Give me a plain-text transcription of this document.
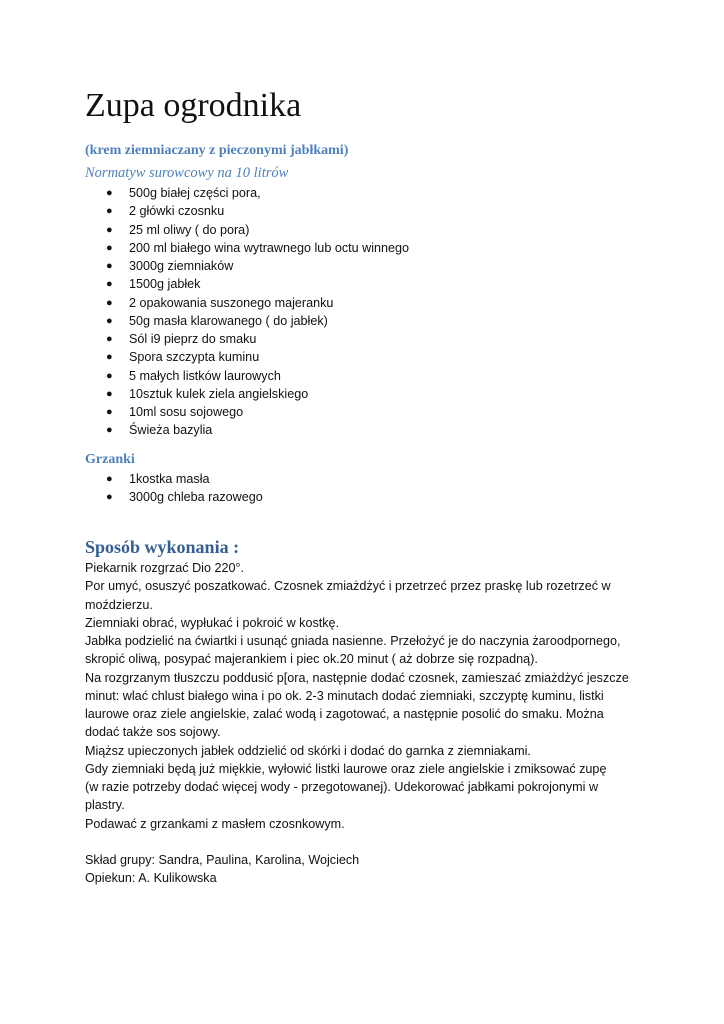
Zupa ogrodnika

(krem ziemniaczany z pieczonymi jabłkami)

Normatyw surowcowy na 10 litrów

● 500g białej części pora,
● 2 główki czosnku
● 25 ml oliwy ( do pora)
● 200 ml białego wina wytrawnego lub octu winnego
● 3000g ziemniaków
● 1500g jabłek
● 2 opakowania suszonego majeranku
● 50g masła klarowanego ( do jabłek)
● Sól i9 pieprz do smaku
● Spora szczypta kuminu
● 5 małych listków laurowych
● 10sztuk kulek ziela angielskiego
● 10ml sosu sojowego
● Świeża bazylia

Grzanki

● 1kostka masła
● 3000g chleba razowego
Sposób wykonania :
Piekarnik rozgrzać Dio 220°.
Por umyć, osuszyć poszatkować. Czosnek zmiażdżyć i przetrzeć przez praskę lub rozetrzeć w
moździerzu.
Ziemniaki obrać, wypłukać i pokroić w kostkę.
Jabłka podzielić na ćwiartki i usunąć gniada nasienne. Przełożyć je do naczynia żaroodpornego,
skropić oliwą, posypać majerankiem i piec ok.20 minut ( aż dobrze się rozpadną).
Na rozgrzanym tłuszczu poddusić p[ora, następnie dodać czosnek, zamieszać zmiażdżyć jeszcze
minut: wlać chlust białego wina i po ok. 2-3 minutach dodać ziemniaki, szczyptę kuminu, listki
laurowe oraz ziele angielskie, zalać wodą i zagotować, a następnie posolić do smaku. Można
dodać także sos sojowy.
Miąższ upieczonych jabłek oddzielić od skórki i dodać do garnka z ziemniakami.
Gdy ziemniaki będą już miękkie, wyłowić listki laurowe oraz ziele angielskie i zmiksować zupę
(w razie potrzeby dodać więcej wody - przegotowanej). Udekorować jabłkami pokrojonymi w
plastry.
Podawać z grzankami z masłem czosnkowym.
Skład grupy: Sandra, Paulina, Karolina, Wojciech
Opiekun: A. Kulikowska
